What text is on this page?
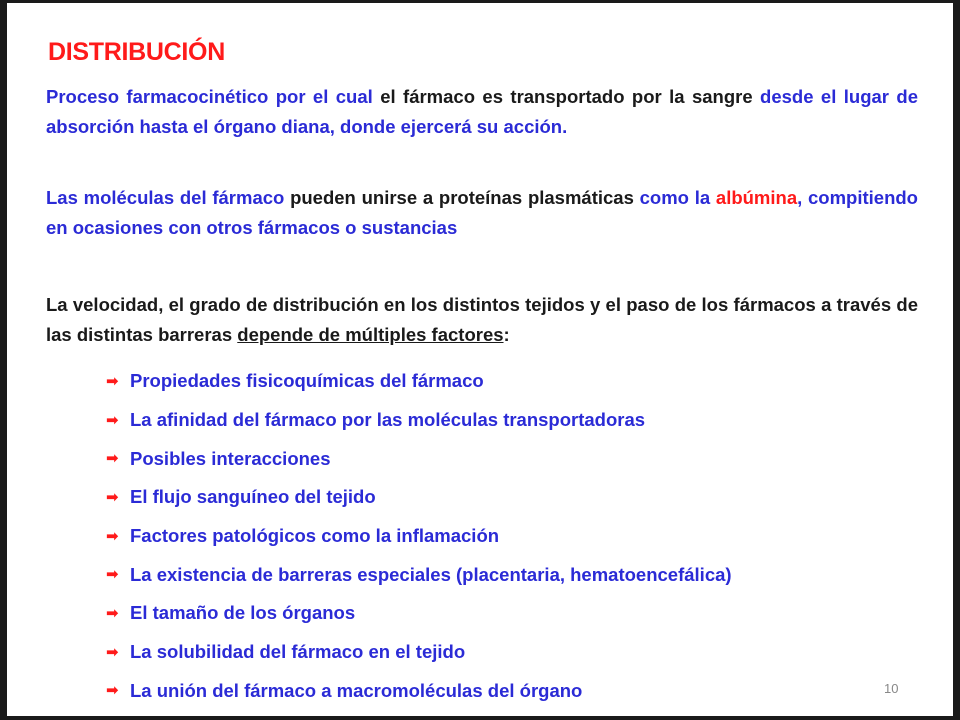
DISTRIBUCIÓN
Proceso farmacocinético por el cual el fármaco es transportado por la sangre desde el lugar de absorción hasta el órgano diana, donde ejercerá su acción.
Las moléculas del fármaco pueden unirse a proteínas plasmáticas como la albúmina, compitiendo en ocasiones con otros fármacos o sustancias
La velocidad, el grado de distribución en los distintos tejidos y el paso de los fármacos a través de las distintas barreras depende de múltiples factores:
➡ Propiedades fisicoquímicas del fármaco
➡ La afinidad del fármaco por las moléculas transportadoras
➡ Posibles interacciones
➡ El flujo sanguíneo del tejido
➡ Factores patológicos como la inflamación
➡ La existencia de barreras especiales (placentaria, hematoencefálica)
➡ El tamaño de los órganos
➡ La solubilidad del fármaco en el tejido
➡ La unión del fármaco a macromoléculas del órgano	10
